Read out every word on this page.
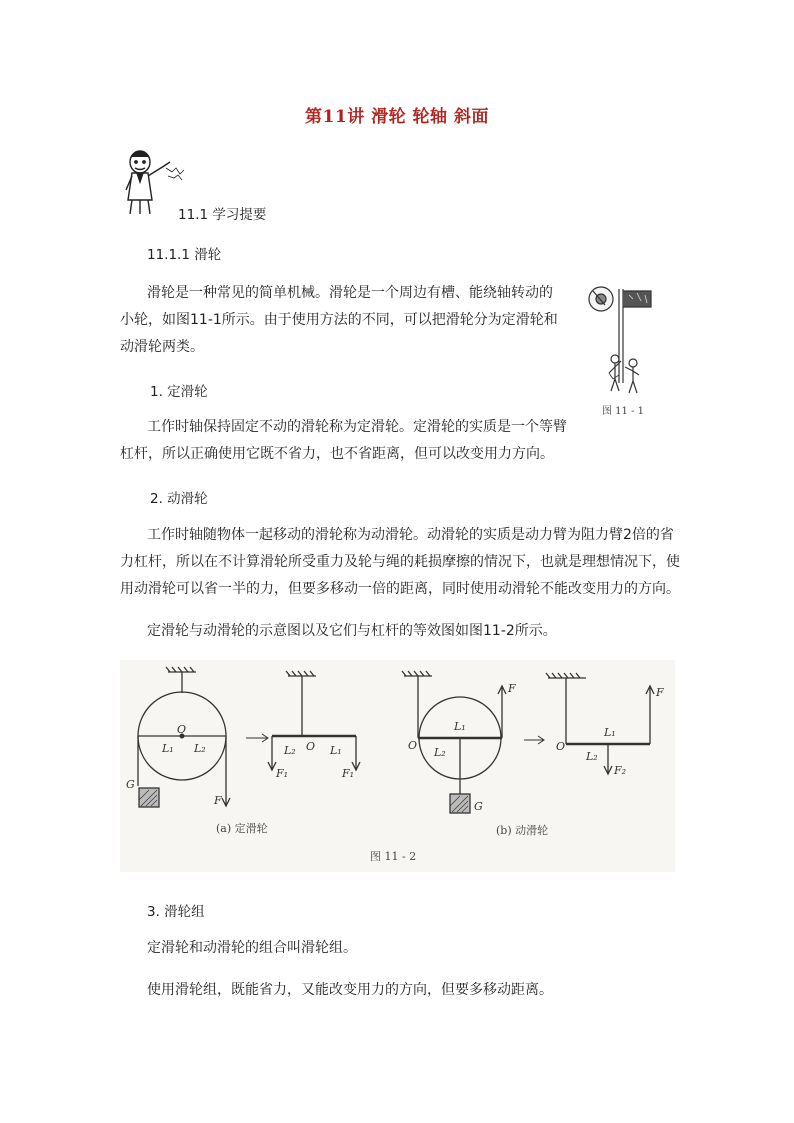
第11讲 滑轮 轮轴 斜面
11.1 学习提要
11.1.1 滑轮
滑轮是一种常见的简单机械。滑轮是一个周边有槽、能绕轴转动的
小轮，如图11-1所示。由于使用方法的不同，可以把滑轮分为定滑轮和
动滑轮两类。
图 11 - 1
1. 定滑轮
工作时轴保持固定不动的滑轮称为定滑轮。定滑轮的实质是一个等臂
杠杆，所以正确使用它既不省力，也不省距离，但可以改变用力方向。
2. 动滑轮
工作时轴随物体一起移动的滑轮称为动滑轮。动滑轮的实质是动力臂为阻力臂2倍的省
力杠杆，所以在不计算滑轮所受重力及轮与绳的耗损摩擦的情况下，也就是理想情况下，使
用动滑轮可以省一半的力，但要多移动一倍的距离，同时使用动滑轮不能改变用力的方向。
定滑轮与动滑轮的示意图以及它们与杠杆的等效图如图11-2所示。
O
L₁ L₂
G
F
O
L₂	L₁
F₁	F₁
O
L₁
L₂
F
G
O
L₁
L₂
F
F₂
(a) 定滑轮	(b) 动滑轮
图 11 - 2
3. 滑轮组
定滑轮和动滑轮的组合叫滑轮组。
使用滑轮组，既能省力，又能改变用力的方向，但要多移动距离。
